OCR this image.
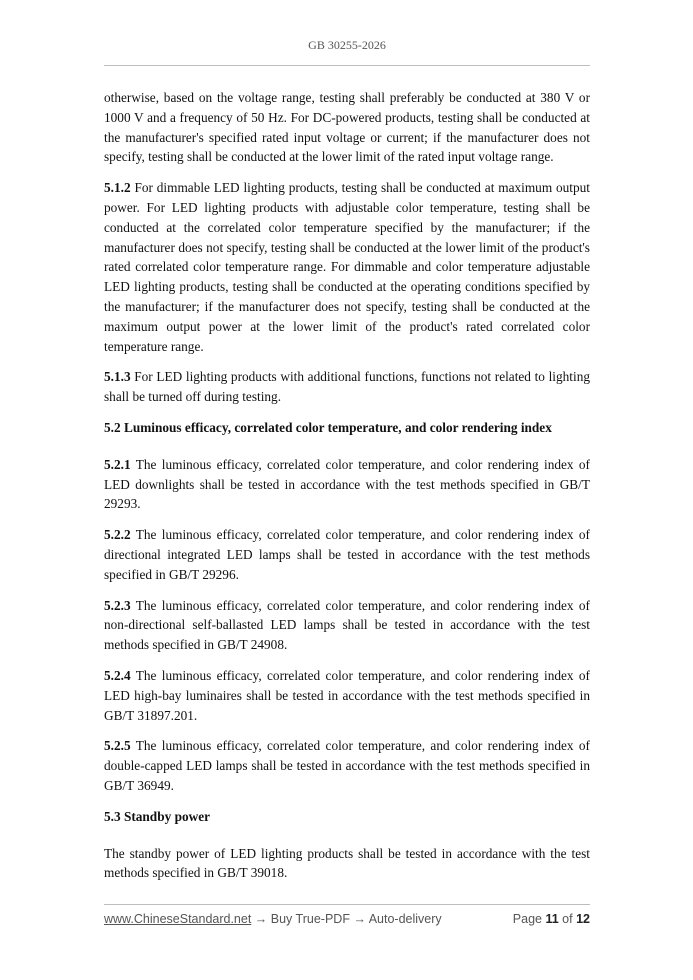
GB 30255-2026

otherwise, based on the voltage range, testing shall preferably be conducted at 380 V or 1000 V and a frequency of 50 Hz. For DC-powered products, testing shall be conducted at the manufacturer's specified rated input voltage or current; if the manufacturer does not specify, testing shall be conducted at the lower limit of the rated input voltage range.

5.1.2 For dimmable LED lighting products, testing shall be conducted at maximum output power. For LED lighting products with adjustable color temperature, testing shall be conducted at the correlated color temperature specified by the manufacturer; if the manufacturer does not specify, testing shall be conducted at the lower limit of the product's rated correlated color temperature range. For dimmable and color temperature adjustable LED lighting products, testing shall be conducted at the operating conditions specified by the manufacturer; if the manufacturer does not specify, testing shall be conducted at the maximum output power at the lower limit of the product's rated correlated color temperature range.

5.1.3 For LED lighting products with additional functions, functions not related to lighting shall be turned off during testing.

5.2 Luminous efficacy, correlated color temperature, and color rendering index

5.2.1 The luminous efficacy, correlated color temperature, and color rendering index of LED downlights shall be tested in accordance with the test methods specified in GB/T 29293.

5.2.2 The luminous efficacy, correlated color temperature, and color rendering index of directional integrated LED lamps shall be tested in accordance with the test methods specified in GB/T 29296.

5.2.3 The luminous efficacy, correlated color temperature, and color rendering index of non-directional self-ballasted LED lamps shall be tested in accordance with the test methods specified in GB/T 24908.

5.2.4 The luminous efficacy, correlated color temperature, and color rendering index of LED high-bay luminaires shall be tested in accordance with the test methods specified in GB/T 31897.201.

5.2.5 The luminous efficacy, correlated color temperature, and color rendering index of double-capped LED lamps shall be tested in accordance with the test methods specified in GB/T 36949.

5.3 Standby power

The standby power of LED lighting products shall be tested in accordance with the test methods specified in GB/T 39018.

www.ChineseStandard.net → Buy True-PDF → Auto-delivery	Page 11 of 12
